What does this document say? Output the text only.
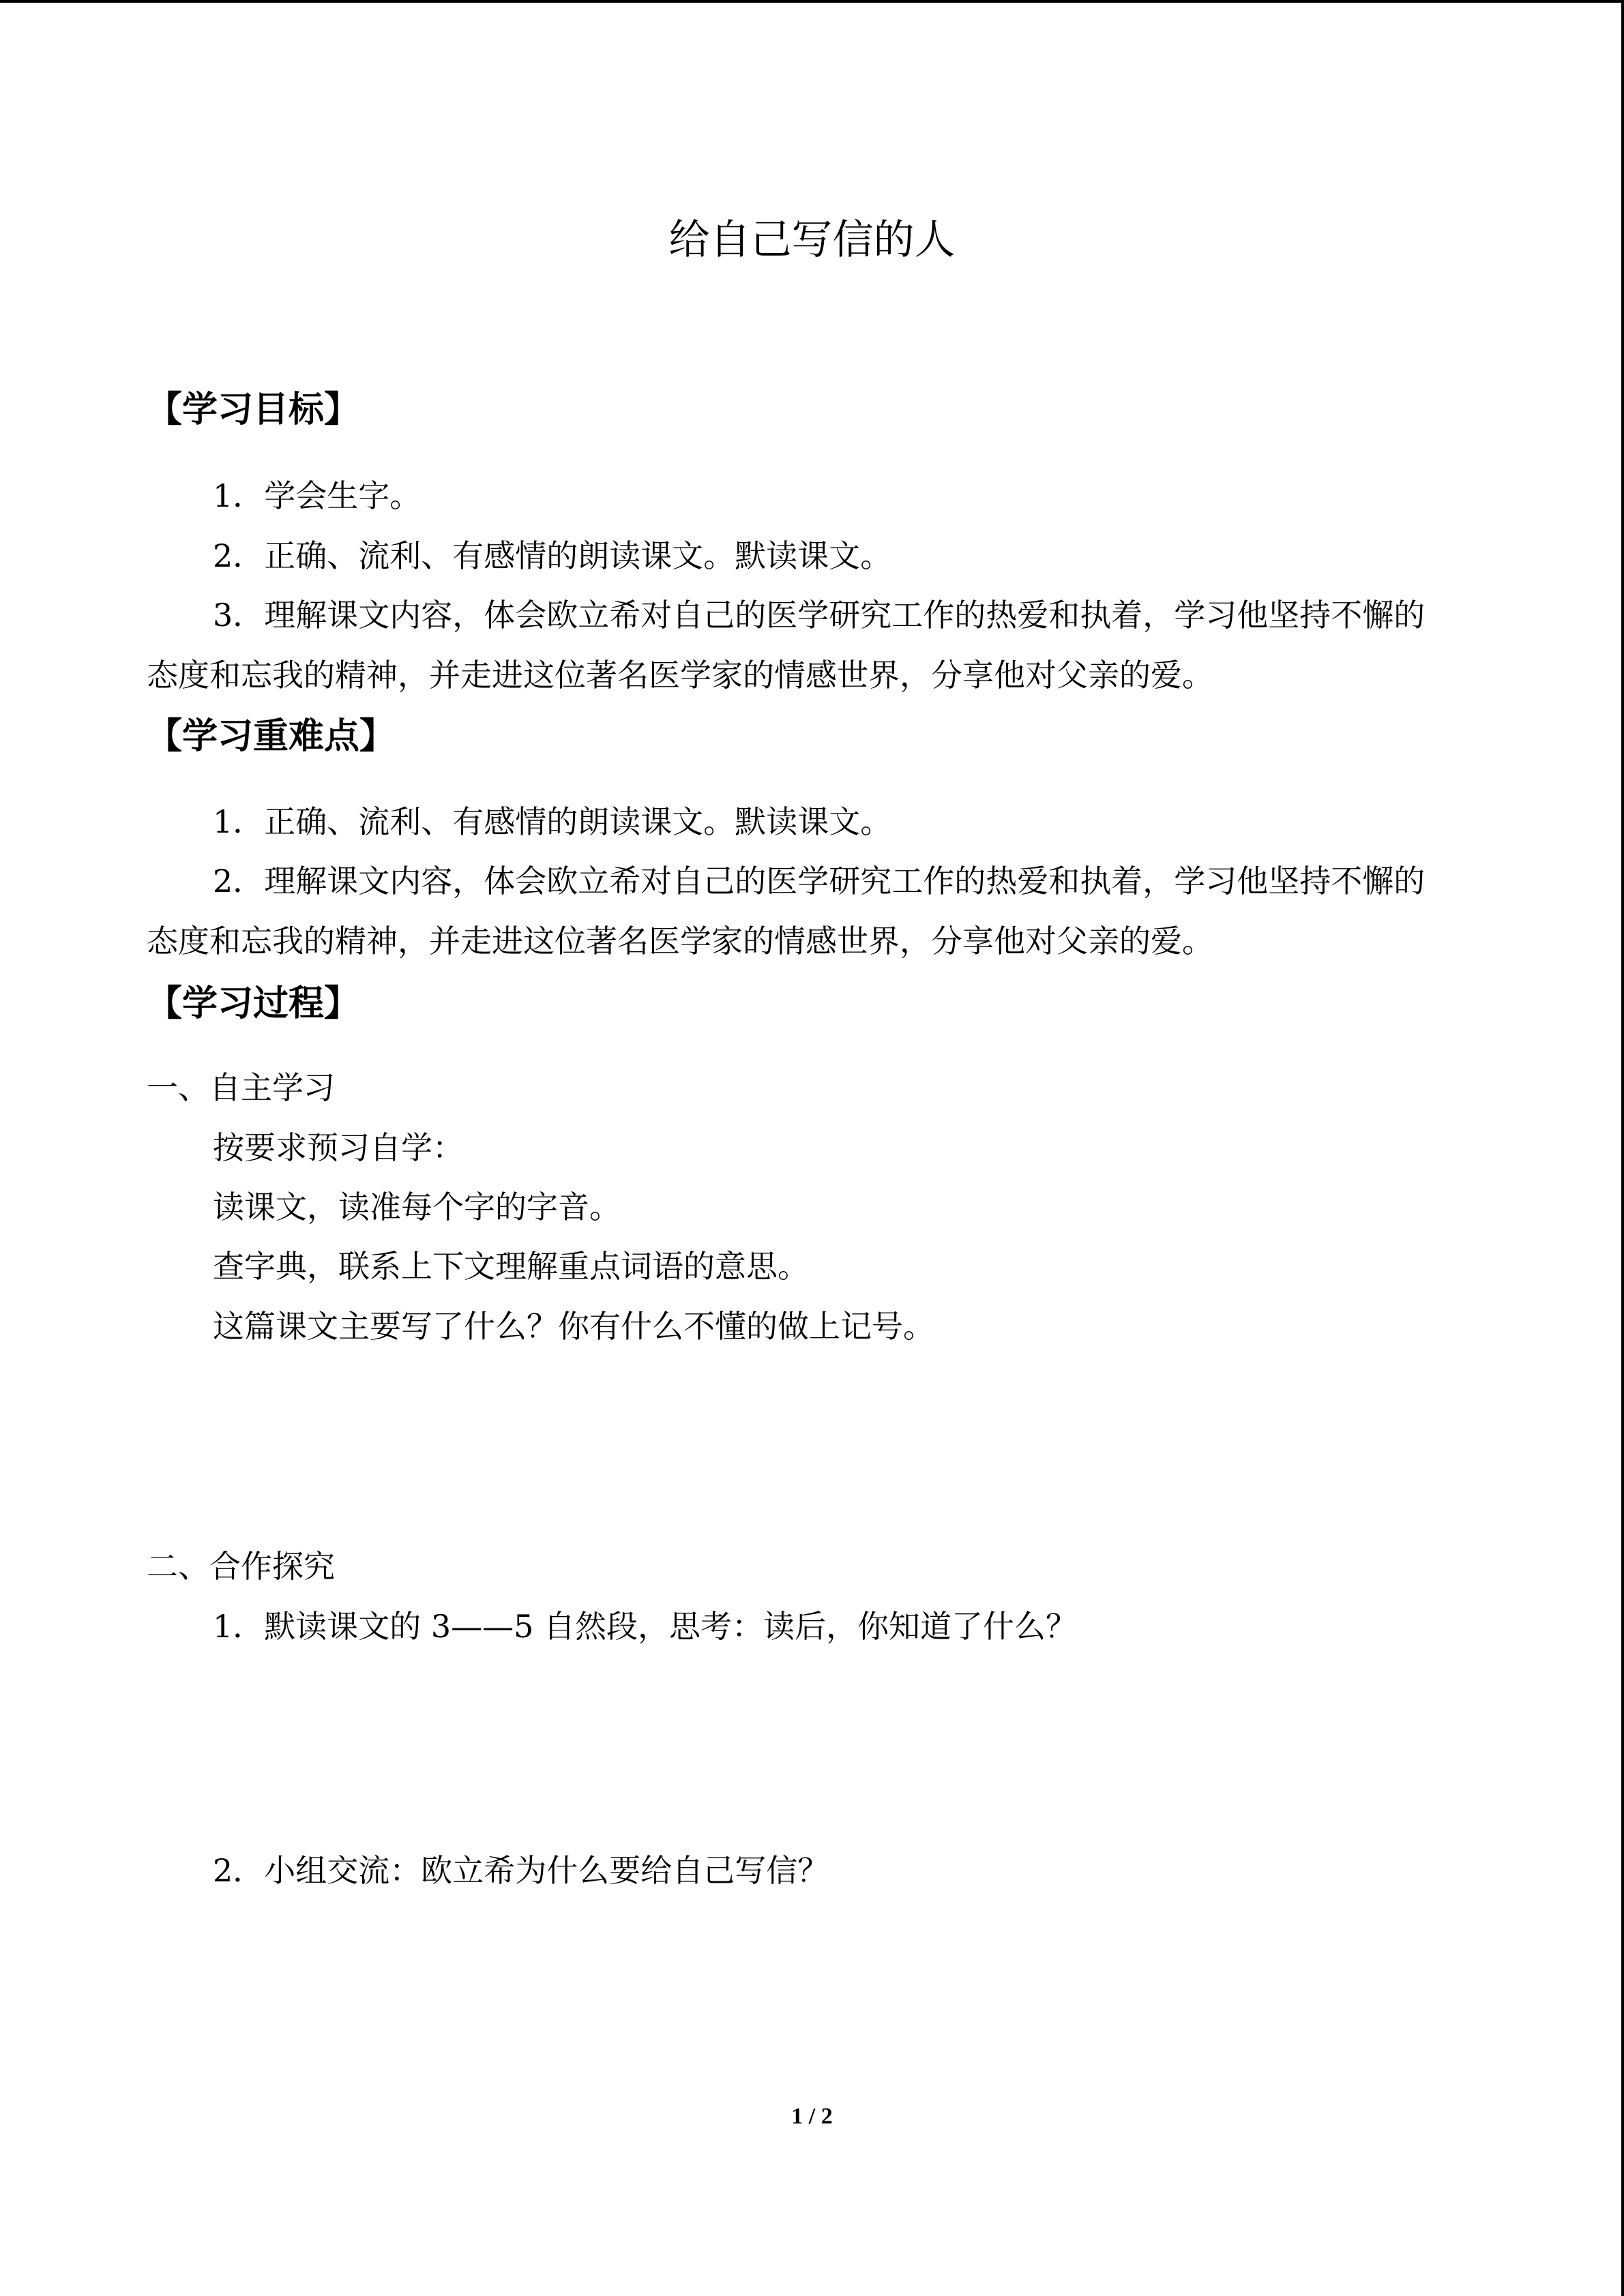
给自己写信的人
【学习目标】
1．学会生字。
2．正确、流利、有感情的朗读课文。默读课文。
3．理解课文内容，体会欧立希对自己的医学研究工作的热爱和执着，学习他坚持不懈的
态度和忘我的精神，并走进这位著名医学家的情感世界，分享他对父亲的爱。
【学习重难点】
1．正确、流利、有感情的朗读课文。默读课文。
2．理解课文内容，体会欧立希对自己的医学研究工作的热爱和执着，学习他坚持不懈的
态度和忘我的精神，并走进这位著名医学家的情感世界，分享他对父亲的爱。
【学习过程】
一、自主学习
按要求预习自学：
读课文，读准每个字的字音。
查字典，联系上下文理解重点词语的意思。
这篇课文主要写了什么？你有什么不懂的做上记号。
二、合作探究
1．默读课文的 3——5 自然段，思考：读后，你知道了什么？
2．小组交流：欧立希为什么要给自己写信？
1 / 2
